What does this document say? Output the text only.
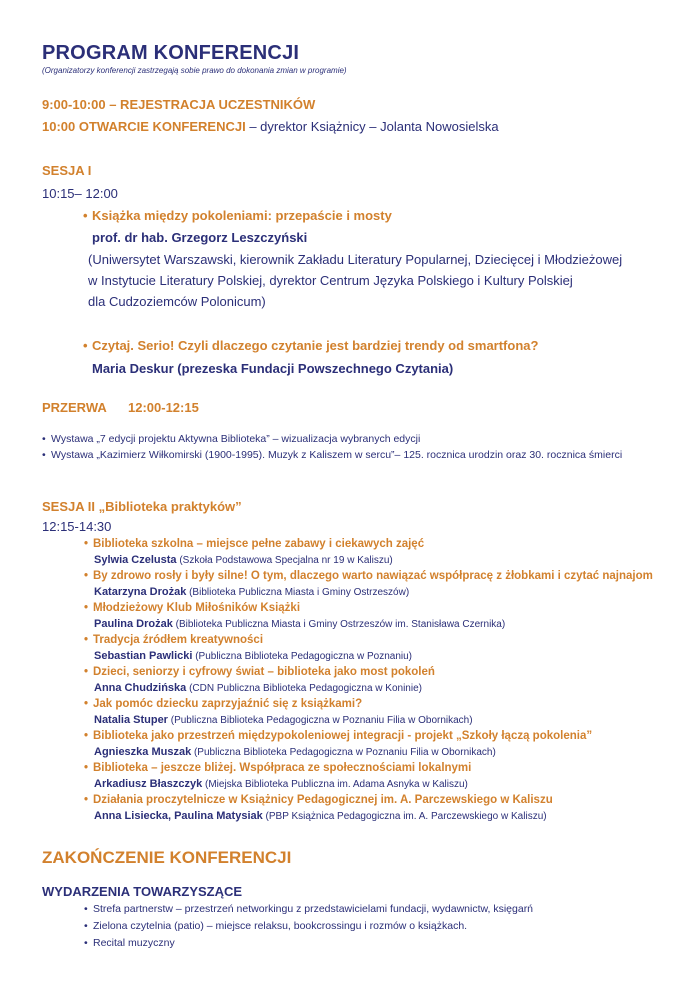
PROGRAM KONFERENCJI
(Organizatorzy konferencji zastrzegają sobie prawo do dokonania zmian w programie)
9:00-10:00 – REJESTRACJA UCZESTNIKÓW
10:00 OTWARCIE KONFERENCJI – dyrektor Książnicy – Jolanta Nowosielska
SESJA I
10:15– 12:00
• Książka między pokoleniami: przepaście i mosty
prof. dr hab. Grzegorz Leszczyński
(Uniwersytet Warszawski, kierownik Zakładu Literatury Popularnej, Dziecięcej i Młodzieżowej
w Instytucie Literatury Polskiej, dyrektor Centrum Języka Polskiego i Kultury Polskiej
dla Cudzoziemców Polonicum)
• Czytaj. Serio! Czyli dlaczego czytanie jest bardziej trendy od smartfona?
Maria Deskur (prezeska Fundacji Powszechnego Czytania)
PRZERWA 12:00-12:15
• Wystawa „7 edycji projektu Aktywna Biblioteka” – wizualizacja wybranych edycji
• Wystawa „Kazimierz Wiłkomirski (1900-1995). Muzyk z Kaliszem w sercu”– 125. rocznica urodzin oraz 30. rocznica śmierci
SESJA II „Biblioteka praktyków”
12:15-14:30
• Biblioteka szkolna – miejsce pełne zabawy i ciekawych zajęć
Sylwia Czelusta (Szkoła Podstawowa Specjalna nr 19 w Kaliszu)
• By zdrowo rosły i były silne! O tym, dlaczego warto nawiązać współpracę z żłobkami i czytać najnajom
Katarzyna Drożak (Biblioteka Publiczna Miasta i Gminy Ostrzeszów)
• Młodzieżowy Klub Miłośników Książki
Paulina Drożak (Biblioteka Publiczna Miasta i Gminy Ostrzeszów im. Stanisława Czernika)
• Tradycja źródłem kreatywności
Sebastian Pawlicki (Publiczna Biblioteka Pedagogiczna w Poznaniu)
• Dzieci, seniorzy i cyfrowy świat – biblioteka jako most pokoleń
Anna Chudzińska (CDN Publiczna Biblioteka Pedagogiczna w Koninie)
• Jak pomóc dziecku zaprzyjaźnić się z książkami?
Natalia Stuper (Publiczna Biblioteka Pedagogiczna w Poznaniu Filia w Obornikach)
• Biblioteka jako przestrzeń międzypokoleniowej integracji - projekt „Szkoły łączą pokolenia”
Agnieszka Muszak (Publiczna Biblioteka Pedagogiczna w Poznaniu Filia w Obornikach)
• Biblioteka – jeszcze bliżej. Współpraca ze społecznościami lokalnymi
Arkadiusz Błaszczyk (Miejska Biblioteka Publiczna im. Adama Asnyka w Kaliszu)
• Działania proczytelnicze w Książnicy Pedagogicznej im. A. Parczewskiego w Kaliszu
Anna Lisiecka, Paulina Matysiak (PBP Książnica Pedagogiczna im. A. Parczewskiego w Kaliszu)
ZAKOŃCZENIE KONFERENCJI
WYDARZENIA TOWARZYSZĄCE
• Strefa partnerstw – przestrzeń networkingu z przedstawicielami fundacji, wydawnictw, księgarń
• Zielona czytelnia (patio) – miejsce relaksu, bookcrossingu i rozmów o książkach.
• Recital muzyczny
